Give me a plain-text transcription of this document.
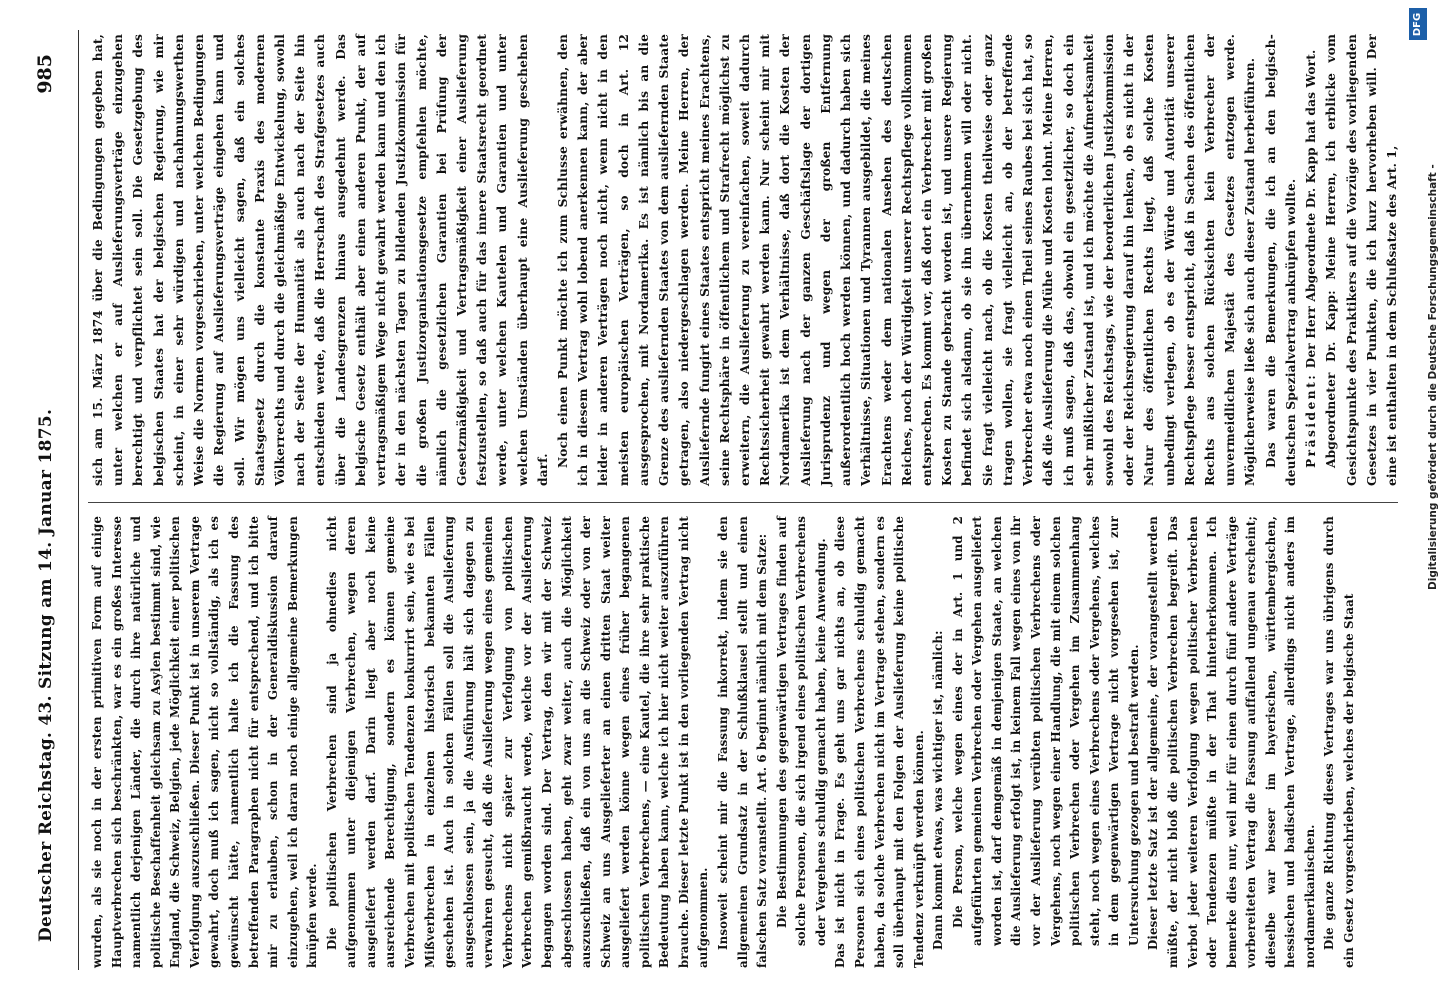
Deutscher Reichstag. 43. Sitzung am 14. Januar 1875.
985

wurden, als sie noch in der ersten primitiven Form auf einige Hauptverbrechen sich beschränkten, war es ein großes Interesse namentlich derjenigen Länder, die durch ihre natürliche und politische Beschaffenheit gleichsam zu Asylen bestimmt sind, wie England, die Schweiz, Belgien, jede Möglichkeit einer politischen Verfolgung auszuschließen. Dieser Punkt ist in unserem Vertrage gewahrt, doch muß ich sagen, nicht so vollständig, als ich es gewünscht hätte, namentlich halte ich die Fassung des betreffenden Paragraphen nicht für entsprechend, und ich bitte mir zu erlauben, schon in der Generaldiskussion darauf einzugehen, weil ich daran noch einige allgemeine Bemerkungen knüpfen werde. Die politischen Verbrechen sind ja ohnedies nicht aufgenommen unter diejenigen Verbrechen, wegen deren ausgeliefert werden darf. Darin liegt aber noch keine ausreichende Berechtigung, sondern es können gemeine Verbrechen mit politischen Tendenzen konkurrirt sein, wie es bei Mißverbrechen in einzelnen historisch bekannten Fällen geschehen ist. Auch in solchen Fällen soll die Auslieferung ausgeschlossen sein, ja die Ausführung hält sich dagegen zu verwahren gesucht, daß die Auslieferung wegen eines gemeinen Verbrechens nicht später zur Verfolgung von politischen Verbrechen gemißbraucht werde, welche vor der Auslieferung begangen worden sind. Der Vertrag, den wir mit der Schweiz abgeschlossen haben, geht zwar weiter, auch die Möglichkeit auszuschließen, daß ein von uns an die Schweiz oder von der Schweiz an uns Ausgelieferter an einen dritten Staat weiter ausgeliefert werden könne wegen eines früher begangenen politischen Verbrechens, — eine Kautel, die ihre sehr praktische Bedeutung haben kann, welche ich hier nicht weiter auszuführen brauche. Dieser letzte Punkt ist in den vorliegenden Vertrag nicht aufgenommen. Insoweit scheint mir die Fassung inkorrekt, indem sie den allgemeinen Grundsatz in der Schlußklausel stellt und einen falschen Satz voranstellt. Art. 6 beginnt nämlich mit dem Satze: Die Bestimmungen des gegenwärtigen Vertrages finden auf solche Personen, die sich irgend eines politischen Verbrechens oder Vergehens schuldig gemacht haben, keine Anwendung. Das ist nicht in Frage. Es geht uns gar nichts an, ob diese Personen sich eines politischen Verbrechens schuldig gemacht haben, da solche Verbrechen nicht im Vertrage stehen, sondern es soll überhaupt mit den Folgen der Auslieferung keine politische Tendenz verknüpft werden können. Dann kommt etwas, was wichtiger ist, nämlich: Die Person, welche wegen eines der in Art. 1 und 2 aufgeführten gemeinen Verbrechen oder Vergehen ausgeliefert worden ist, darf demgemäß in demjenigen Staate, an welchen die Auslieferung erfolgt ist, in keinem Fall wegen eines von ihr vor der Auslieferung verübten politischen Verbrechens oder Vergehens, noch wegen einer Handlung, die mit einem solchen politischen Verbrechen oder Vergehen im Zusammenhang steht, noch wegen eines Verbrechens oder Vergehens, welches in dem gegenwärtigen Vertrage nicht vorgesehen ist, zur Untersuchung gezogen und bestraft werden. Dieser letzte Satz ist der allgemeine, der vorangestellt werden müßte, der nicht bloß die politischen Verbrechen begreift. Das Verbot jeder weiteren Verfolgung wegen politischer Verbrechen oder Tendenzen müßte in der That hinterherkommen. Ich bemerke dies nur, weil mir für einen durch fünf andere Verträge vorbereiteten Vertrag die Fassung auffallend ungenau erscheint; dieselbe war besser im bayerischen, württembergischen, hessischen und badischen Vertrage, allerdings nicht anders im nordamerikanischen. Die ganze Richtung dieses Vertrages war uns übrigens durch ein Gesetz vorgeschrieben, welches der belgische Staat

sich am 15. März 1874 über die Bedingungen gegeben hat, unter welchen er auf Auslieferungsverträge einzugehen berechtigt und verpflichtet sein soll. Die Gesetzgebung des belgischen Staates hat der belgischen Regierung, wie mir scheint, in einer sehr würdigen und nachahmungswerthen Weise die Normen vorgeschrieben, unter welchen Bedingungen die Regierung auf Auslieferungsverträge eingehen kann und soll. Wir mögen uns vielleicht sagen, daß ein solches Staatsgesetz durch die konstante Praxis des modernen Völkerrechts und durch die gleichmäßige Entwickelung, sowohl nach der Seite der Humanität als auch nach der Seite hin entschieden werde, daß die Herrschaft des Strafgesetzes auch über die Landesgrenzen hinaus ausgedehnt werde. Das belgische Gesetz enthält aber einen anderen Punkt, der auf vertragsmäßigem Wege nicht gewahrt werden kann und den ich der in den nächsten Tagen zu bildenden Justizkommission für die großen Justizorganisationsgesetze empfehlen möchte, nämlich die gesetzlichen Garantien bei Prüfung der Gesetzmäßigkeit und Vertragsmäßigkeit einer Auslieferung festzustellen, so daß auch für das innere Staatsrecht geordnet werde, unter welchen Kautelen und Garantien und unter welchen Umständen überhaupt eine Auslieferung geschehen darf.

Noch einen Punkt möchte ich zum Schlusse erwähnen, den ich in diesem Vertrag wohl lobend anerkennen kann, der aber leider in anderen Verträgen noch nicht, wenn nicht in den meisten europäischen Verträgen, so doch in Art. 12 ausgesprochen, mit Nordamerika. Es ist nämlich bis an die Grenze des ausliefernden Staates von dem ausliefernden Staate getragen, also niedergeschlagen werden. Meine Herren, der Ausliefernde fungirt eines Staates entspricht meines Erachtens, seine Rechtsphäre in öffentlichem und Strafrecht möglichst zu erweitern, die Auslieferung zu vereinfachen, soweit dadurch Rechtssicherheit gewahrt werden kann. Nur scheint mir mit Nordamerika ist dem Verhältnisse, daß dort die Kosten der Auslieferung nach der ganzen Geschäftslage der dortigen Jurisprudenz und wegen der großen Entfernung außerordentlich hoch werden können, und dadurch haben sich Verhältnisse, Situationen und Tyrannen ausgebildet, die meines Erachtens weder dem nationalen Ansehen des deutschen Reiches, noch der Würdigkeit unserer Rechtspflege vollkommen entsprechen. Es kommt vor, daß dort ein Verbrecher mit großen Kosten zu Stande gebracht worden ist, und unsere Regierung befindet sich alsdann, ob sie ihn übernehmen will oder nicht. Sie fragt vielleicht nach, ob die Kosten theilweise oder ganz tragen wollen, sie fragt vielleicht an, ob der betreffende Verbrecher etwa noch einen Theil seines Raubes bei sich hat, so daß die Auslieferung die Mühe und Kosten lohnt. Meine Herren, ich muß sagen, daß das, obwohl ein gesetzlicher, so doch ein sehr mißlicher Zustand ist, und ich möchte die Aufmerksamkeit sowohl des Reichstags, wie der beorderlichen Justizkommission oder der Reichsregierung darauf hin lenken, ob es nicht in der Natur des öffentlichen Rechts liegt, daß solche Kosten unbedingt verlegen, ob es der Würde und Autorität unserer Rechtspflege besser entspricht, daß in Sachen des öffentlichen Rechts aus solchen Rücksichten kein Verbrecher der unvermeidlichen Majestät des Gesetzes entzogen werde. Möglicherweise ließe sich auch dieser Zustand herbeiführen. Das waren die Bemerkungen, die ich an den belgisch-deutschen Spezialvertrag anknüpfen wollte. Präsident: Der Herr Abgeordnete Dr. Kapp hat das Wort.

Abgeordneter Dr. Kapp: Meine Herren, ich erblicke vom Gesichtspunkte des Praktikers auf die Vorzüge des vorliegenden Gesetzes in vier Punkten, die ich kurz hervorheben will. Der eine ist enthalten in dem Schlußsatze des Art. 1,	Digitalisierung gefördert durch die Deutsche Forschungsgemeinschaft -
DFG
